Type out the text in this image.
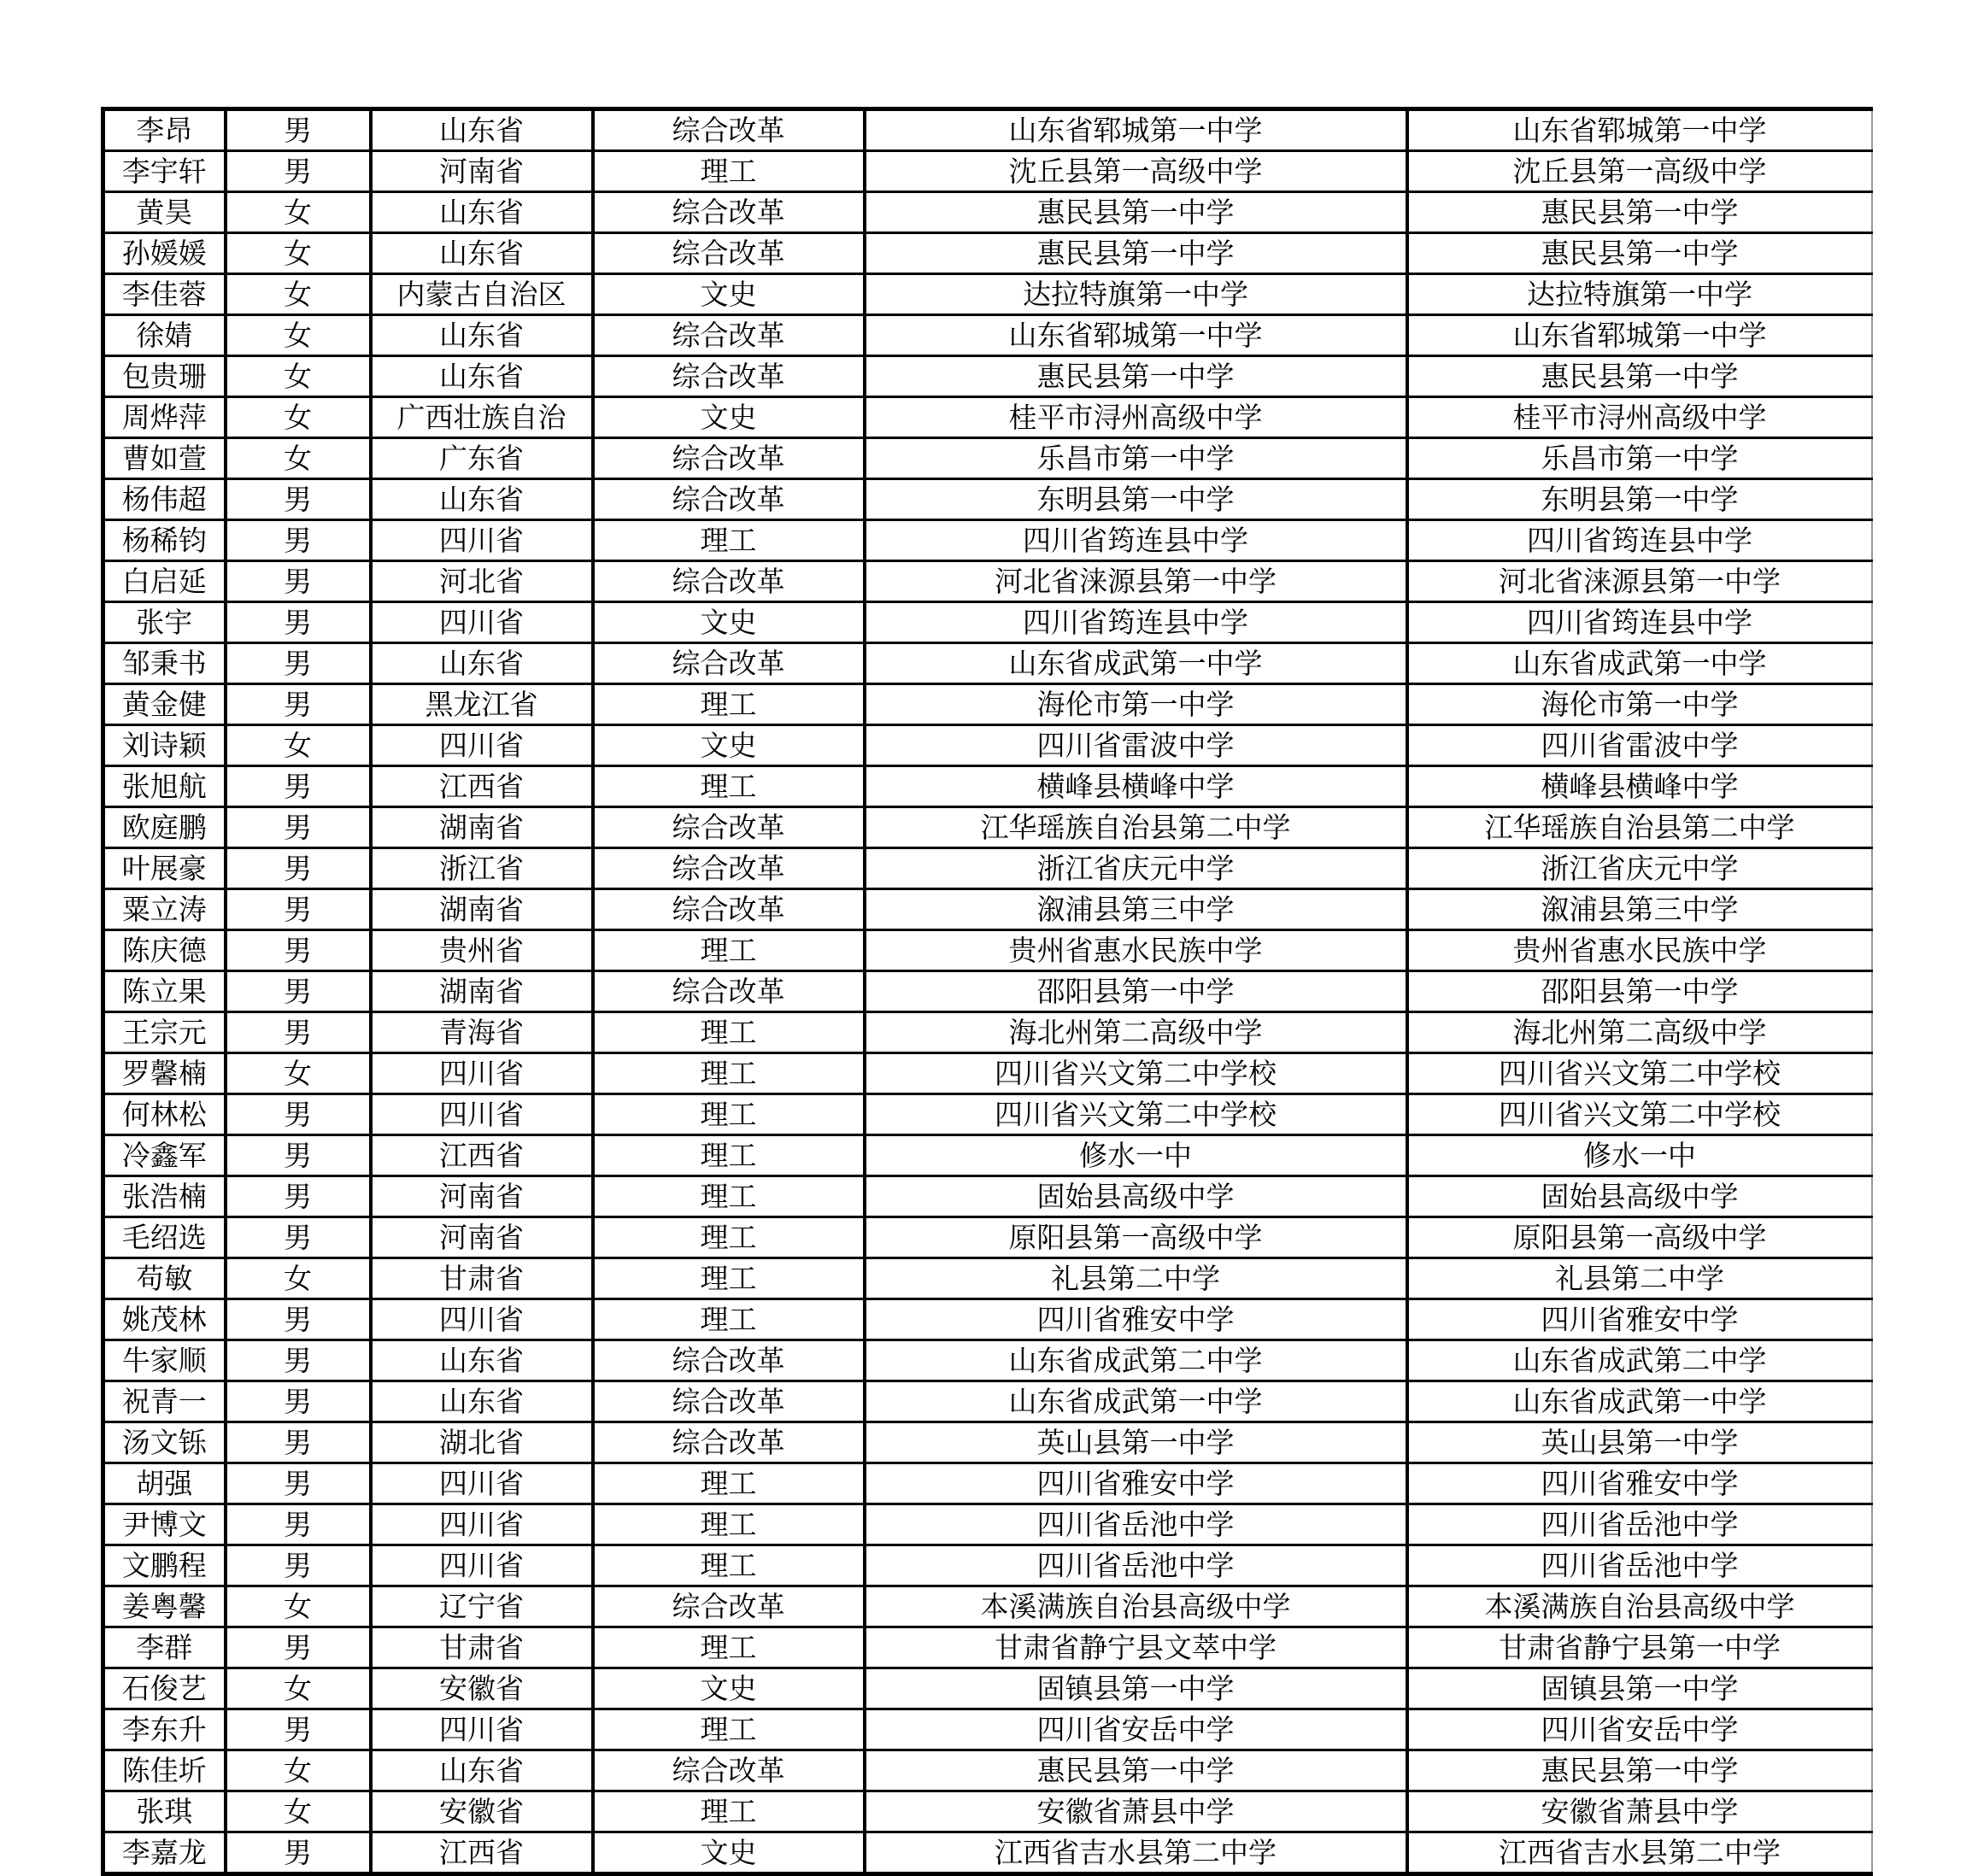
李昂	男	山东省	综合改革	山东省郓城第一中学	山东省郓城第一中学
李宇轩	男	河南省	理工	沈丘县第一高级中学	沈丘县第一高级中学
黄昊	女	山东省	综合改革	惠民县第一中学	惠民县第一中学
孙媛媛	女	山东省	综合改革	惠民县第一中学	惠民县第一中学
李佳蓉	女	内蒙古自治区	文史	达拉特旗第一中学	达拉特旗第一中学
徐婧	女	山东省	综合改革	山东省郓城第一中学	山东省郓城第一中学
包贵珊	女	山东省	综合改革	惠民县第一中学	惠民县第一中学
周烨萍	女	广西壮族自治	文史	桂平市浔州高级中学	桂平市浔州高级中学
曹如萱	女	广东省	综合改革	乐昌市第一中学	乐昌市第一中学
杨伟超	男	山东省	综合改革	东明县第一中学	东明县第一中学
杨稀钧	男	四川省	理工	四川省筠连县中学	四川省筠连县中学
白启延	男	河北省	综合改革	河北省涞源县第一中学	河北省涞源县第一中学
张宇	男	四川省	文史	四川省筠连县中学	四川省筠连县中学
邹秉书	男	山东省	综合改革	山东省成武第一中学	山东省成武第一中学
黄金健	男	黑龙江省	理工	海伦市第一中学	海伦市第一中学
刘诗颖	女	四川省	文史	四川省雷波中学	四川省雷波中学
张旭航	男	江西省	理工	横峰县横峰中学	横峰县横峰中学
欧庭鹏	男	湖南省	综合改革	江华瑶族自治县第二中学	江华瑶族自治县第二中学
叶展豪	男	浙江省	综合改革	浙江省庆元中学	浙江省庆元中学
粟立涛	男	湖南省	综合改革	溆浦县第三中学	溆浦县第三中学
陈庆德	男	贵州省	理工	贵州省惠水民族中学	贵州省惠水民族中学
陈立果	男	湖南省	综合改革	邵阳县第一中学	邵阳县第一中学
王宗元	男	青海省	理工	海北州第二高级中学	海北州第二高级中学
罗馨楠	女	四川省	理工	四川省兴文第二中学校	四川省兴文第二中学校
何林松	男	四川省	理工	四川省兴文第二中学校	四川省兴文第二中学校
冷鑫军	男	江西省	理工	修水一中	修水一中
张浩楠	男	河南省	理工	固始县高级中学	固始县高级中学
毛绍选	男	河南省	理工	原阳县第一高级中学	原阳县第一高级中学
苟敏	女	甘肃省	理工	礼县第二中学	礼县第二中学
姚茂林	男	四川省	理工	四川省雅安中学	四川省雅安中学
牛家顺	男	山东省	综合改革	山东省成武第二中学	山东省成武第二中学
祝青一	男	山东省	综合改革	山东省成武第一中学	山东省成武第一中学
汤文铄	男	湖北省	综合改革	英山县第一中学	英山县第一中学
胡强	男	四川省	理工	四川省雅安中学	四川省雅安中学
尹博文	男	四川省	理工	四川省岳池中学	四川省岳池中学
文鹏程	男	四川省	理工	四川省岳池中学	四川省岳池中学
姜粤馨	女	辽宁省	综合改革	本溪满族自治县高级中学	本溪满族自治县高级中学
李群	男	甘肃省	理工	甘肃省静宁县文萃中学	甘肃省静宁县第一中学
石俊艺	女	安徽省	文史	固镇县第一中学	固镇县第一中学
李东升	男	四川省	理工	四川省安岳中学	四川省安岳中学
陈佳圻	女	山东省	综合改革	惠民县第一中学	惠民县第一中学
张琪	女	安徽省	理工	安徽省萧县中学	安徽省萧县中学
李嘉龙	男	江西省	文史	江西省吉水县第二中学	江西省吉水县第二中学
